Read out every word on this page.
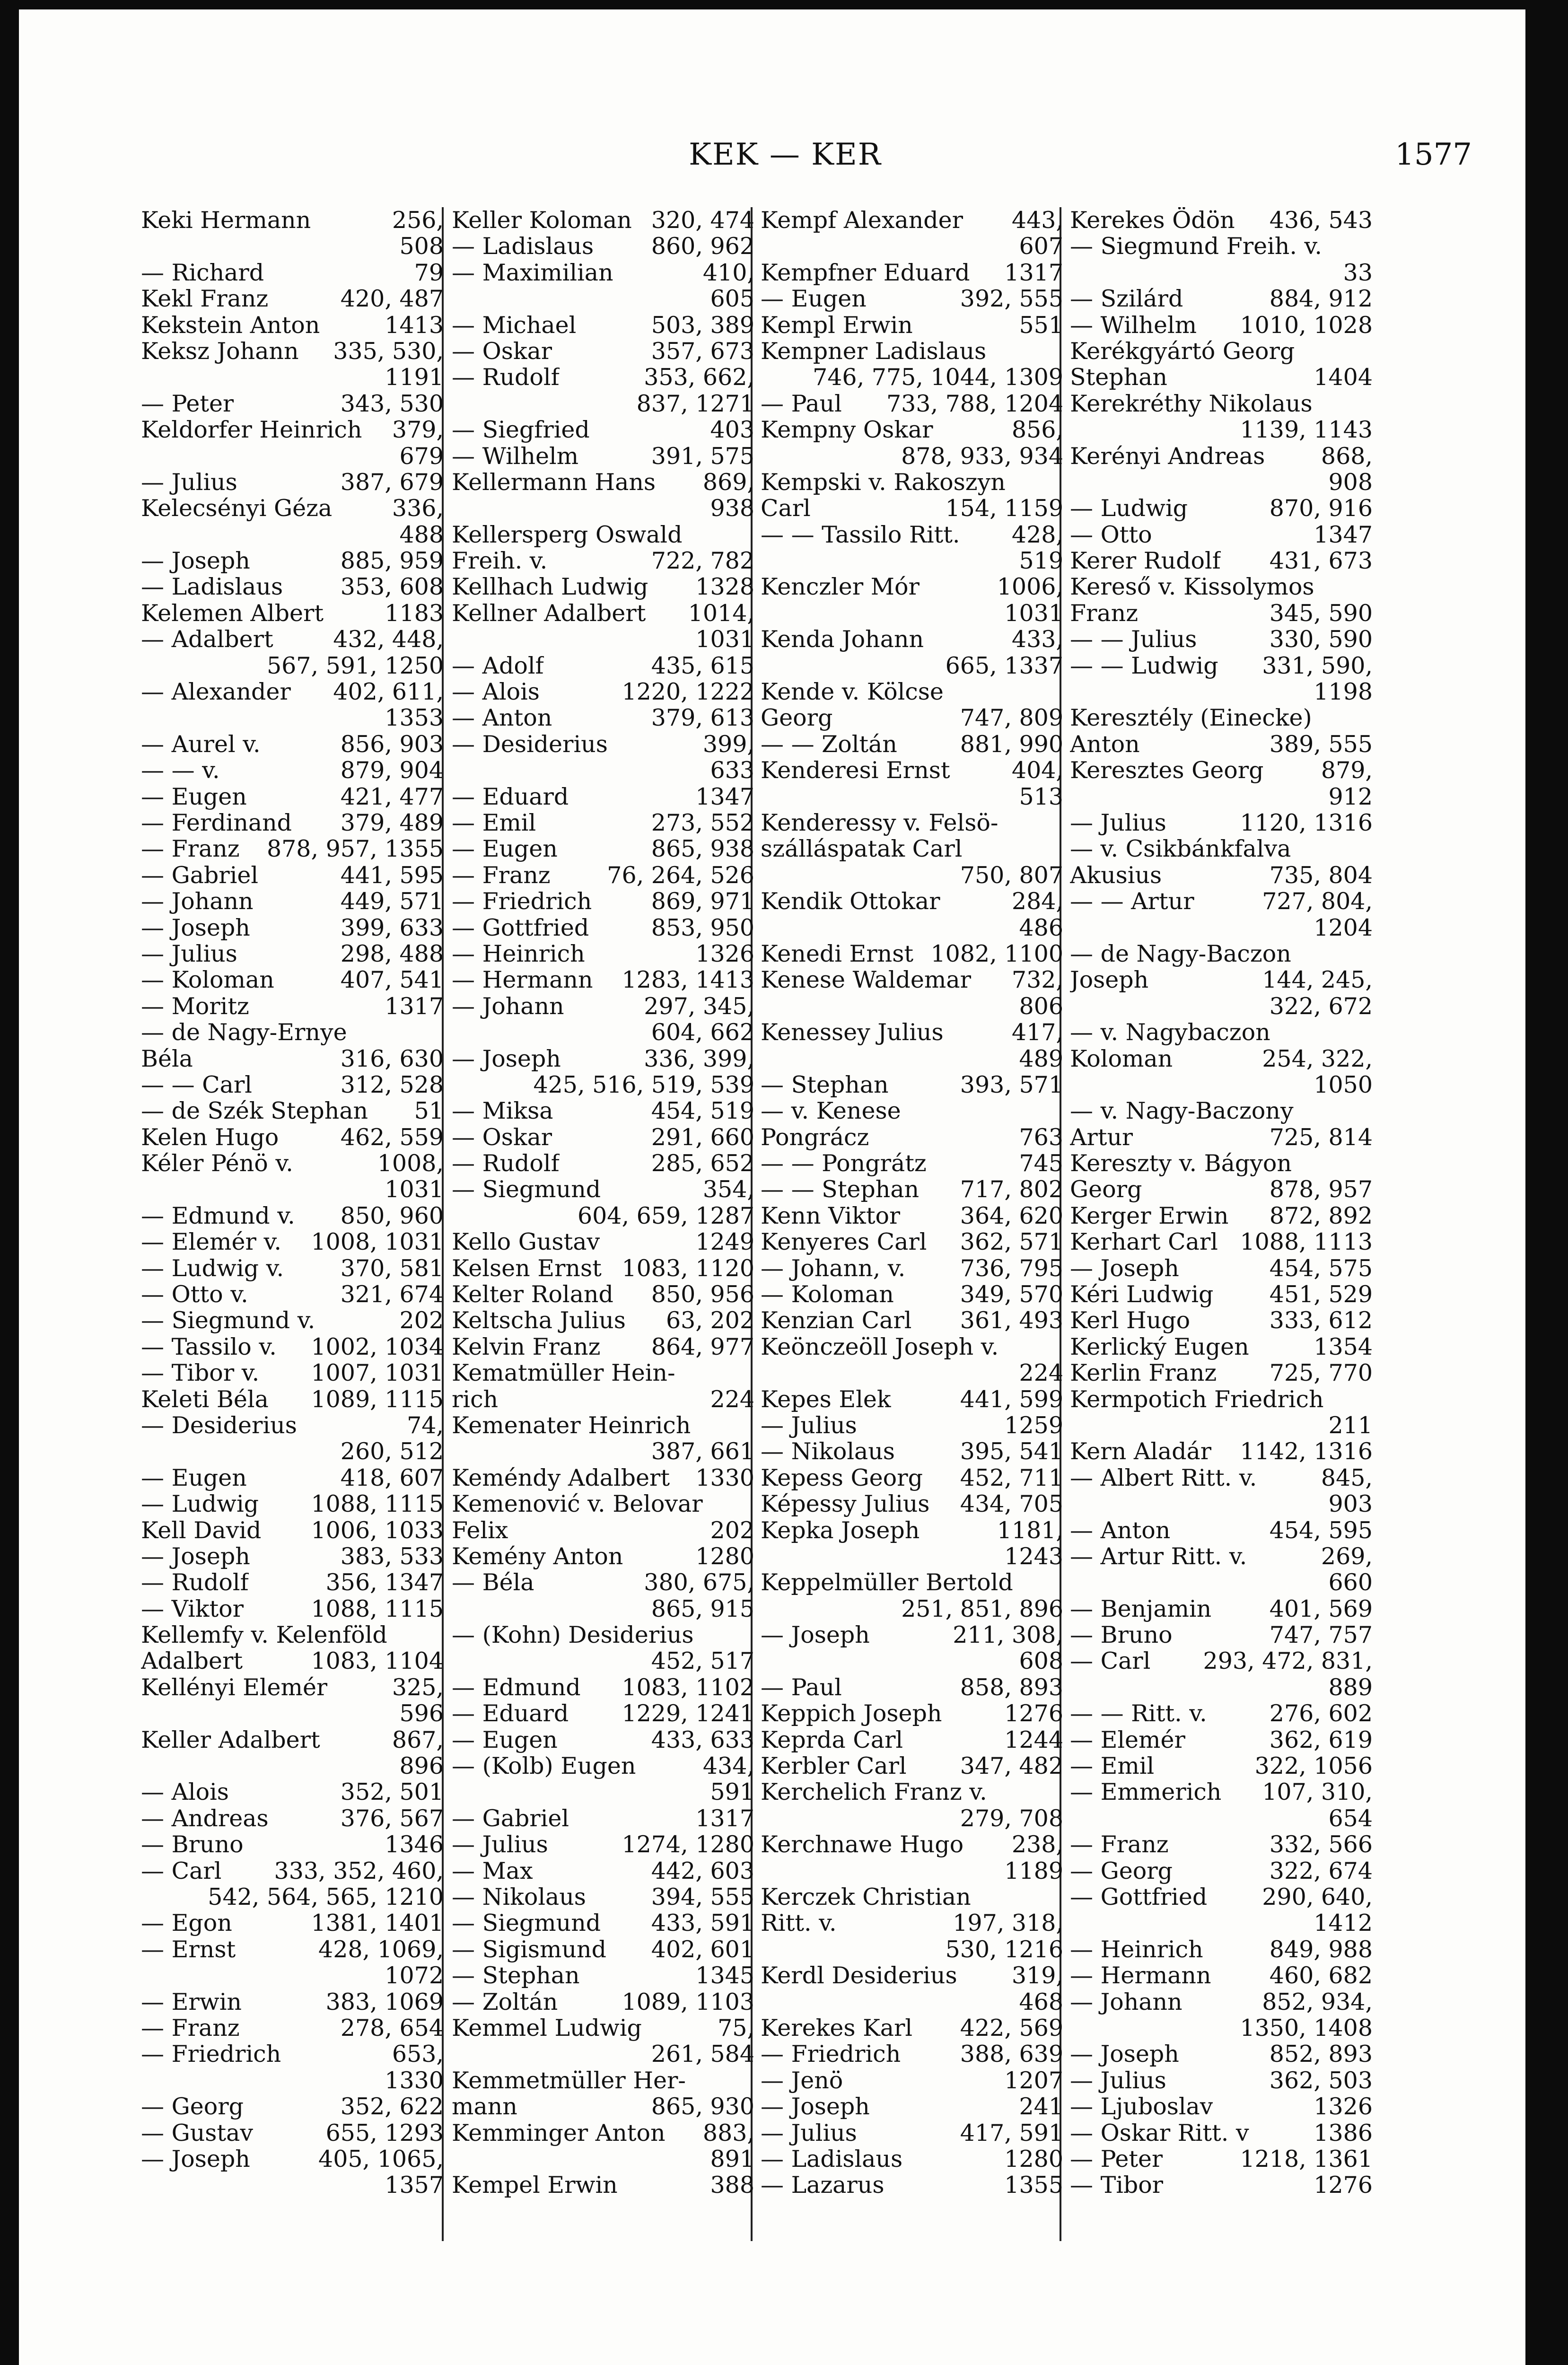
KEK — KER	1577
Keki Hermann	256,
508
— Richard	79
Kekl Franz	420, 487
Kekstein Anton	1413
Keksz Johann 335, 530,
1191
— Peter	343, 530
Keldorfer Heinrich 379,
679
— Julius	387, 679
Kelecsényi Géza	336,
488
— Joseph	885, 959
— Ladislaus 353, 608
Kelemen Albert	1183
— Adalbert	432, 448,
567, 591, 1250
— Alexander 402, 611,
1353
— Aurel v.	856, 903
— — v.	879, 904
— Eugen	421, 477
— Ferdinand 379, 489
— Franz 878, 957, 1355
— Gabriel	441, 595
— Johann	449, 571
— Joseph	399, 633
— Julius	298, 488
— Koloman	407, 541
— Moritz	1317
— de Nagy-Ernye
Béla	316, 630
— — Carl	312, 528
— de Szék Stephan 51
Kelen Hugo	462, 559
Kéler Pénö v.	1008,
1031
— Edmund v. 850, 960
— Elemér v. 1008, 1031
— Ludwig v. 370, 581
— Otto v.	321, 674
— Siegmund v.	202
— Tassilo v. 1002, 1034
— Tibor v. 1007, 1031
Keleti Béla 1089, 1115
— Desiderius	74,
260, 512
— Eugen	418, 607
— Ludwig 1088, 1115
Kell David 1006, 1033
— Joseph	383, 533
— Rudolf	356, 1347
— Viktor	1088, 1115
Kellemfy v. Kelenföld
Adalbert	1083, 1104
Kellényi Elemér	325,
596
Keller Adalbert	867,
896
— Alois	352, 501
— Andreas	376, 567
— Bruno	1346
— Carl 333, 352, 460,
542, 564, 565, 1210
— Egon	1381, 1401
— Ernst	428, 1069,
1072
— Erwin	383, 1069
— Franz	278, 654
— Friedrich	653,
1330
— Georg	352, 622
— Gustav	655, 1293
— Joseph	405, 1065,
1357
Keller Koloman 320, 474
— Ladislaus 860, 962
— Maximilian	410,
605
— Michael	503, 389
— Oskar	357, 673
— Rudolf	353, 662,
837, 1271
— Siegfried	403
— Wilhelm	391, 575
Kellermann Hans 869,
938
Kellersperg Oswald
Freih. v.	722, 782
Kellhach Ludwig 1328
Kellner Adalbert 1014,
1031
— Adolf	435, 615
— Alois	1220, 1222
— Anton	379, 613
— Desiderius	399,
633
— Eduard	1347
— Emil	273, 552
— Eugen	865, 938
— Franz 76, 264, 526
— Friedrich	869, 971
— Gottfried	853, 950
— Heinrich	1326
— Hermann 1283, 1413
— Johann	297, 345,
604, 662
— Joseph	336, 399,
425, 516, 519, 539
— Miksa	454, 519
— Oskar	291, 660
— Rudolf	285, 652
— Siegmund	354,
604, 659, 1287
Kello Gustav	1249
Kelsen Ernst 1083, 1120
Kelter Roland 850, 956
Keltscha Julius 63, 202
Kelvin Franz 864, 977
Kematmüller Hein-
rich	224
Kemenater Heinrich
387, 661
Keméndy Adalbert 1330
Kemenović v. Belovar
Felix	202
Kemény Anton	1280
— Béla	380, 675,
865, 915
— (Kohn) Desiderius
452, 517
— Edmund 1083, 1102
— Eduard 1229, 1241
— Eugen	433, 633
— (Kolb) Eugen	434,
591
— Gabriel	1317
— Julius	1274, 1280
— Max	442, 603
— Nikolaus	394, 555
— Siegmund 433, 591
— Sigismund 402, 601
— Stephan	1345
— Zoltán	1089, 1103
Kemmel Ludwig	75,
261, 584
Kemmetmüller Her-
mann	865, 930
Kemminger Anton 883,
891
Kempel Erwin	388
Kempf Alexander 443,
607
Kempfner Eduard 1317
— Eugen	392, 555
Kempl Erwin	551
Kempner Ladislaus
746, 775, 1044, 1309
— Paul 733, 788, 1204
Kempny Oskar	856,
878, 933, 934
Kempski v. Rakoszyn
Carl	154, 1159
— — Tassilo Ritt. 428,
519
Kenczler Mór	1006,
1031
Kenda Johann	433,
665, 1337
Kende v. Kölcse
Georg	747, 809
— — Zoltán	881, 990
Kenderesi Ernst	404,
513
Kenderessy v. Felsö-
szálláspatak Carl
750, 807
Kendik Ottokar	284,
486
Kenedi Ernst 1082, 1100
Kenese Waldemar 732,
806
Kenessey Julius	417,
489
— Stephan	393, 571
— v. Kenese
Pongrácz	763
— — Pongrátz	745
— — Stephan 717, 802
Kenn Viktor	364, 620
Kenyeres Carl 362, 571
— Johann, v. 736, 795
— Koloman	349, 570
Kenzian Carl 361, 493
Keönczeöll Joseph v.
224
Kepes Elek	441, 599
— Julius	1259
— Nikolaus	395, 541
Kepess Georg 452, 711
Képessy Julius 434, 705
Kepka Joseph	1181,
1243
Keppelmüller Bertold
251, 851, 896
— Joseph	211, 308,
608
— Paul	858, 893
Keppich Joseph	1276
Keprda Carl	1244
Kerbler Carl 347, 482
Kerchelich Franz v.
279, 708
Kerchnawe Hugo 238,
1189
Kerczek Christian
Ritt. v.	197, 318,
530, 1216
Kerdl Desiderius 319,
468
Kerekes Karl 422, 569
— Friedrich	388, 639
— Jenö	1207
— Joseph	241
— Julius	417, 591
— Ladislaus	1280
— Lazarus	1355
Kerekes Ödön 436, 543
— Siegmund Freih. v.
33
— Szilárd	884, 912
— Wilhelm 1010, 1028
Kerékgyártó Georg
Stephan	1404
Kerekréthy Nikolaus
1139, 1143
Kerényi Andreas 868,
908
— Ludwig	870, 916
— Otto	1347
Kerer Rudolf 431, 673
Kereső v. Kissolymos
Franz	345, 590
— — Julius	330, 590
— — Ludwig 331, 590,
1198
Keresztély (Einecke)
Anton	389, 555
Keresztes Georg 879,
912
— Julius	1120, 1316
— v. Csikbánkfalva
Akusius	735, 804
— — Artur	727, 804,
1204
— de Nagy-Baczon
Joseph	144, 245,
322, 672
— v. Nagybaczon
Koloman	254, 322,
1050
— v. Nagy-Baczony
Artur	725, 814
Kereszty v. Bágyon
Georg	878, 957
Kerger Erwin 872, 892
Kerhart Carl 1088, 1113
— Joseph	454, 575
Kéri Ludwig 451, 529
Kerl Hugo	333, 612
Kerlický Eugen	1354
Kerlin Franz 725, 770
Kermpotich Friedrich
211
Kern Aladár 1142, 1316
— Albert Ritt. v.	845,
903
— Anton	454, 595
— Artur Ritt. v.	269,
660
— Benjamin	401, 569
— Bruno	747, 757
— Carl 293, 472, 831,
889
— — Ritt. v.	276, 602
— Elemér	362, 619
— Emil	322, 1056
— Emmerich 107, 310,
654
— Franz	332, 566
— Georg	322, 674
— Gottfried 290, 640,
1412
— Heinrich	849, 988
— Hermann	460, 682
— Johann	852, 934,
1350, 1408
— Joseph	852, 893
— Julius	362, 503
— Ljuboslav	1326
— Oskar Ritt. v	1386
— Peter	1218, 1361
— Tibor	1276
